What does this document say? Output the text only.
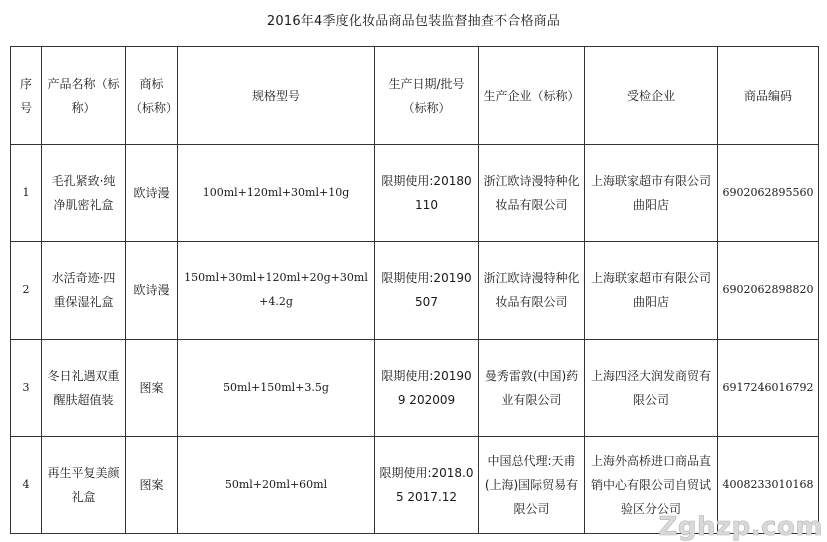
2016年4季度化妆品商品包装监督抽查不合格商品
序号	产品名称（标称）	商标（标称）	规格型号	生产日期/批号（标称）	生产企业（标称）	受检企业	商品编码
1	毛孔紧致·纯净肌密礼盒	欧诗漫	100ml+120ml+30ml+10g	限期使用:20180110	浙江欧诗漫特种化妆品有限公司	上海联家超市有限公司曲阳店	6902062895560
2	水活奇迹·四重保湿礼盒	欧诗漫	150ml+30ml+120ml+20g+30ml+4.2g	限期使用:20190507	浙江欧诗漫特种化妆品有限公司	上海联家超市有限公司曲阳店	6902062898820
3	冬日礼遇双重醒肤超值装	图案	50ml+150ml+3.5g	限期使用:201909 202009	曼秀雷敦(中国)药业有限公司	上海四泾大润发商贸有限公司	6917246016792
4	再生平复美颜礼盒	图案	50ml+20ml+60ml	限期使用:2018.05 2017.12	中国总代理:天甫(上海)国际贸易有限公司	上海外高桥进口商品直销中心有限公司自贸试验区分公司	4008233010168
Zghzp.com
